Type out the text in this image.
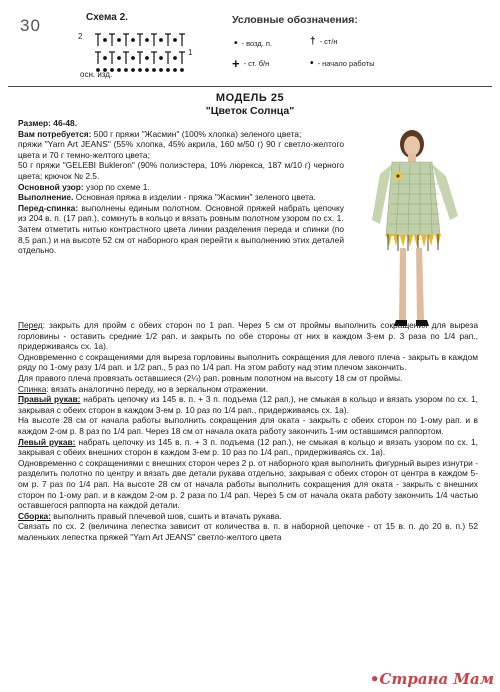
30	Схема 2.
2
1
осн. изд.
Условные обозначения:
• - возд. п.	† - ст/н
+ - ст. б/н	• - начало работы
МОДЕЛЬ 25
"Цветок Солнца"

Размер: 46-48.

Вам потребуется: 500 г пряжи "Жасмин" (100% хлопка) зеленого цвета;

пряжи "Yarn Art JEANS" (55% хлопка, 45% акрила, 160 м/50 г) 90 г светло-желтого цвета и 70 г темно-желтого цвета;

50 г пряжи "GELEBI Bukleron" (90% полиэстера, 10% люрекса, 187 м/10 г) черного цвета; крючок № 2.5.

Основной узор: узор по схеме 1.

Выполнение. Основная пряжа в изделии - пряжа "Жасмин" зеленого цвета.

Перед-спинка: выполнены единым полотном. Основной пряжей набрать цепочку из 204 в. п. (17 рап.), сомкнуть в кольцо и вязать ровным полотном узором по сх. 1.

Затем отметить нитью контрастного цвета линии разделения переда и спинки (по 8,5 рап.) и на высоте 52 см от наборного края перейти к выполнению этих деталей отдельно.

Перед: закрыть для пройм с обеих сторон по 1 рап. Через 5 см от проймы выполнить сокращения для выреза горловины - оставить средние 1/2 рап. и закрыть по обе стороны от них в каждом 3-ем р. 3 раза по 1/4 рап., придерживаясь сх. 1а).

Одновременно с сокращениями для выреза горловины выполнить сокращения для левого плеча - закрыть в каждом ряду по 1-ому разу 1/4 рап. и 1/2 рап., 5 раз по 1/4 рап. На этом работу над этим плечом закончить.

Для правого плеча провязать оставшиеся (2¼) рап. ровным полотном на высоту 18 см от проймы.

Спинка: вязать аналогично переду, но в зеркальном отражении.

Правый рукав: набрать цепочку из 145 в. п. + 3 п. подъема (12 рап.), не смыкая в кольцо и вязать узором по сх. 1, закрывая с обеих сторон в каждом 3-ем р. 10 раз по 1/4 рап., придерживаясь сх. 1а).

На высоте 28 см от начала работы выполнить сокращения для оката - закрыть с обеих сторон по 1-ому рап. и в каждом 2-ом р. 8 раз по 1/4 рап. Через 18 см от начала оката работу закончить 1-им оставшимся раппортом.

Левый рукав: набрать цепочку из 145 в. п. + 3 п. подъема (12 рап.), не смыкая в кольцо и вязать узором по сх. 1, закрывая с обеих внешних сторон в каждом 3-ем р. 10 раз по 1/4 рап., придерживаясь сх. 1а).

Одновременно с сокращениями с внешних сторон через 2 р. от наборного края выполнить фигурный вырез изнутри - разделить полотно по центру и вязать две детали рукава отдельно, закрывая с обеих сторон от центра в каждом 5-ом р. 7 раз по 1/4 рап. На высоте 28 см от начала работы выполнить сокращения для оката - закрыть с внешних сторон по 1-ому рап. и в каждом 2-ом р. 2 раза по 1/4 рап. Через 5 см от начала оката работу закончить 1/4 частью оставшегося раппорта на каждой детали.

Сборка: выполнить правый плечевой шов, сшить и втачать рукава.

Связать по сх. 2 (величина лепестка зависит от количества в. п. в наборной цепочке - от 15 в. п. до 20 в. п.) 52 маленьких лепестка пряжей "Yarn Art JEANS" светло-желтого цвета

•Страна Мам
